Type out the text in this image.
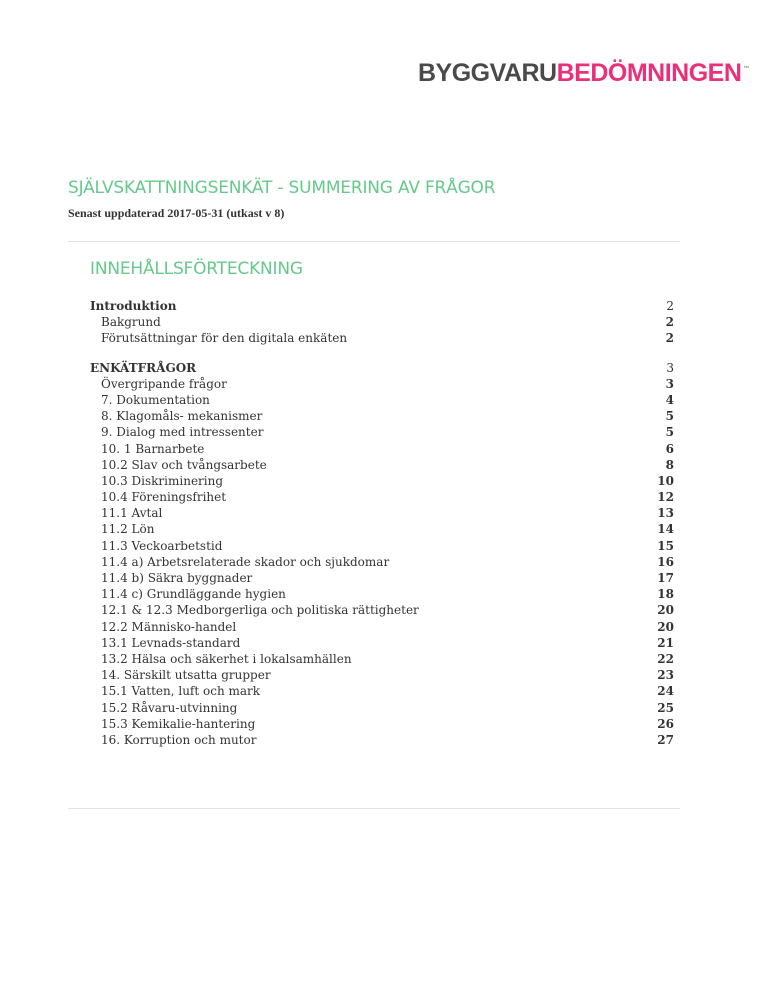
BYGGVARUBEDÖMNINGEN ™
SJÄLVSKATTNINGSENKÄT - SUMMERING AV FRÅGOR
Senast uppdaterad 2017-05-31 (utkast v 8)
INNEHÅLLSFÖRTECKNING
Introduktion	2
Bakgrund	2
Förutsättningar för den digitala enkäten	2
ENKÄTFRÅGOR	3
Övergripande frågor	3
7. Dokumentation	4
8. Klagomåls- mekanismer	5
9. Dialog med intressenter	5
10. 1 Barnarbete	6
10.2 Slav och tvångsarbete	8
10.3 Diskriminering	10
10.4 Föreningsfrihet	12
11.1 Avtal	13
11.2 Lön	14
11.3 Veckoarbetstid	15
11.4 a) Arbetsrelaterade skador och sjukdomar	16
11.4 b) Säkra byggnader	17
11.4 c) Grundläggande hygien	18
12.1 & 12.3 Medborgerliga och politiska rättigheter	20
12.2 Människo-handel	20
13.1 Levnads-standard	21
13.2 Hälsa och säkerhet i lokalsamhällen	22
14. Särskilt utsatta grupper	23
15.1 Vatten, luft och mark	24
15.2 Råvaru-utvinning	25
15.3 Kemikalie-hantering	26
16. Korruption och mutor	27
